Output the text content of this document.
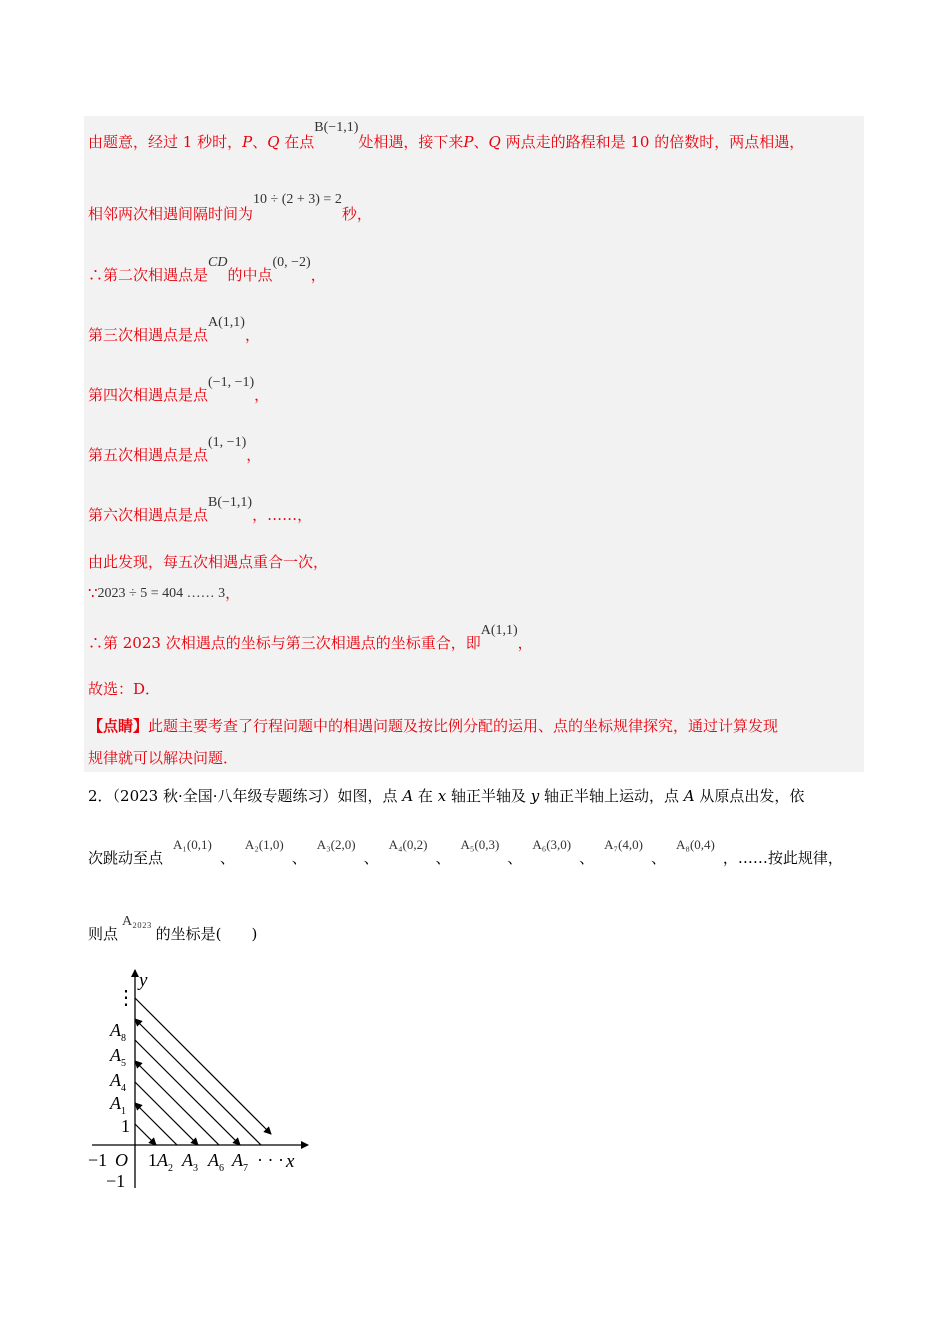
由题意，经过 1 秒时，P、Q 在点B(−1,1)处相遇，接下来P、Q 两点走的路程和是 10 的倍数时，两点相遇，
相邻两次相遇间隔时间为10 ÷ (2 + 3) = 2秒，
∴第二次相遇点是CD的中点(0, −2)，
第三次相遇点是点A(1,1)，
第四次相遇点是点(−1, −1)，
第五次相遇点是点(1, −1)，
第六次相遇点是点B(−1,1)，……，
由此发现，每五次相遇点重合一次，
∵2023 ÷ 5 = 404 …… 3，
∴第 2023 次相遇点的坐标与第三次相遇点的坐标重合，即A(1,1)，
故选：D．
【点睛】此题主要考查了行程问题中的相遇问题及按比例分配的运用、点的坐标规律探究，通过计算发现
规律就可以解决问题．
2．（2023 秋·全国·八年级专题练习）如图，点 A 在 x 轴正半轴及 y 轴正半轴上运动，点 A 从原点出发，依
次跳动至点A₁(0,1)、A₂(1,0)、A₃(2,0)、A₄(0,2)、A₅(0,3)、A₆(3,0)、A₇(4,0)、A₈(0,4)，……按此规律，
则点A₂₀₂₃的坐标是(　　)
y
x
⋮
· · ·
$A_8$
$A_5$
$A_4$
$A_1$
1
−1 O
−1
1 $A_2$ $A_3$ $A_6$ $A_7$
